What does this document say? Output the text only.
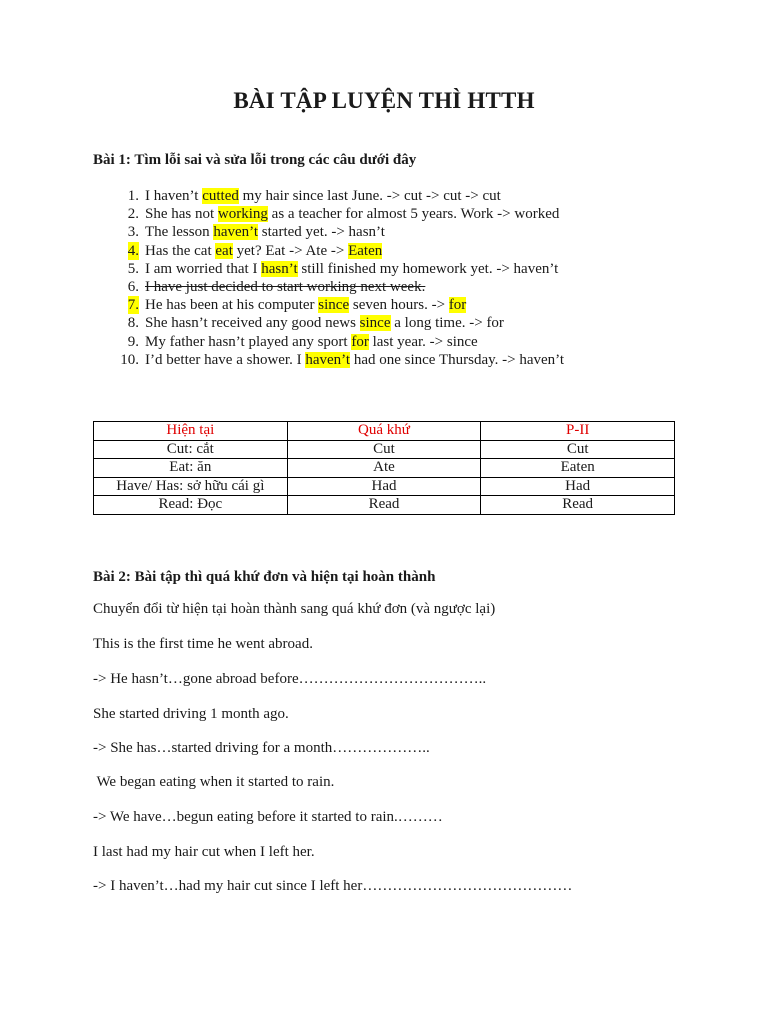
BÀI TẬP LUYỆN THÌ HTTH
Bài 1: Tìm lỗi sai và sửa lỗi trong các câu dưới đây
1. I haven’t cutted my hair since last June. -> cut -> cut -> cut
2. She has not working as a teacher for almost 5 years. Work -> worked
3. The lesson haven’t started yet. -> hasn’t
4. Has the cat eat yet? Eat -> Ate -> Eaten
5. I am worried that I hasn’t still finished my homework yet. -> haven’t
6. I have just decided to start working next week.
7. He has been at his computer since seven hours. -> for
8. She hasn’t received any good news since a long time. -> for
9. My father hasn’t played any sport for last year. -> since
10. I’d better have a shower. I haven’t had one since Thursday. -> haven’t
Hiện tại	Quá khứ	P-II
Cut: cắt	Cut	Cut
Eat: ăn	Ate	Eaten
Have/ Has: sở hữu cái gì	Had	Had
Read: Đọc	Read	Read
Bài 2: Bài tập thì quá khứ đơn và hiện tại hoàn thành
Chuyển đổi từ hiện tại hoàn thành sang quá khứ đơn (và ngược lại)
This is the first time he went abroad.
-> He hasn’t…gone abroad before………………………………..
She started driving 1 month ago.
-> She has…started driving for a month………………..
We began eating when it started to rain.
-> We have…begun eating before it started to rain.………
I last had my hair cut when I left her.
-> I haven’t…had my hair cut since I left her……………………………………
